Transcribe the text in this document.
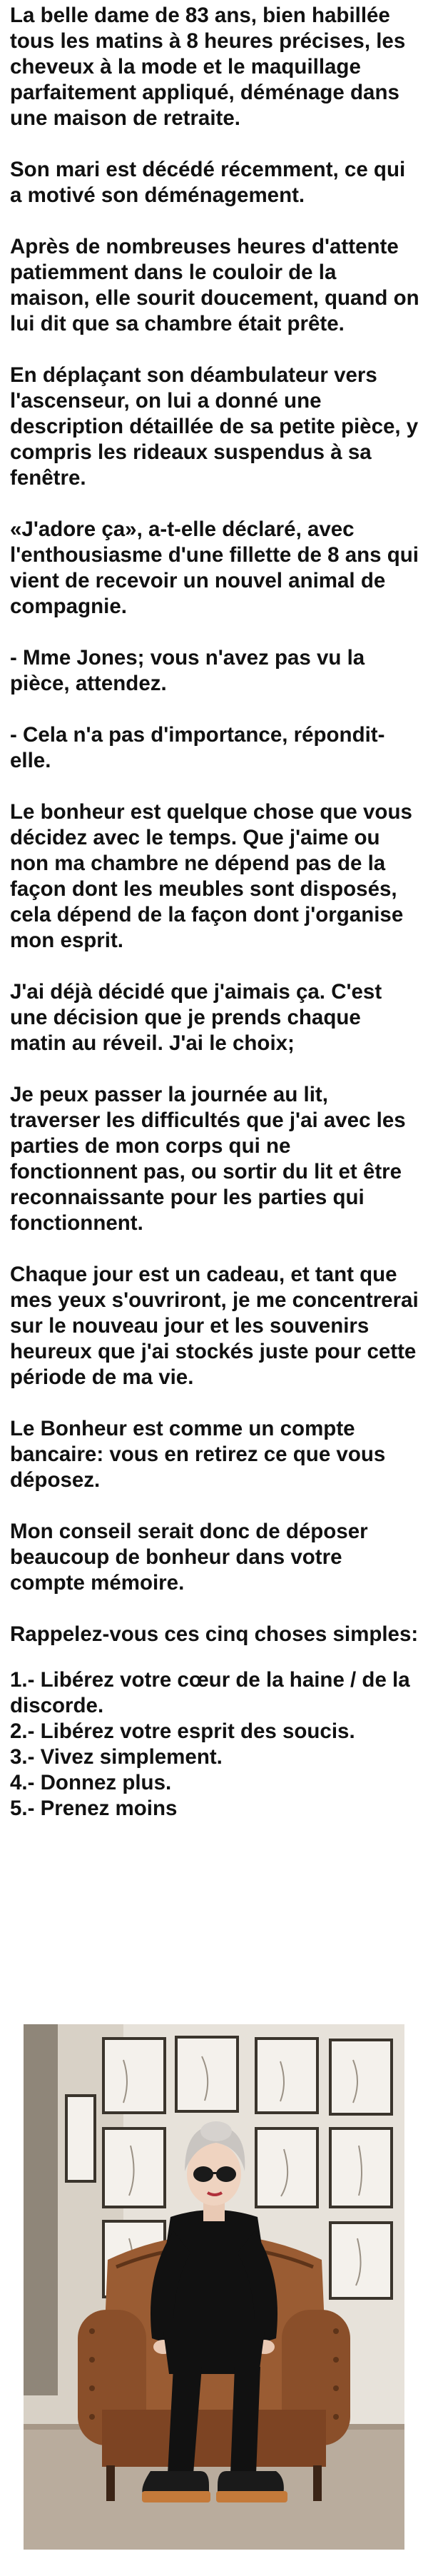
La belle dame de 83 ans, bien habillée tous les matins à 8 heures précises, les cheveux à la mode et le maquillage parfaitement appliqué, déménage dans une maison de retraite.

Son mari est décédé récemment, ce qui a motivé son déménagement.

Après de nombreuses heures d'attente patiemment dans le couloir de la maison, elle sourit doucement, quand on lui dit que sa chambre était prête.

En déplaçant son déambulateur vers l'ascenseur, on lui a donné une description détaillée de sa petite pièce, y compris les rideaux suspendus à sa fenêtre.

«J'adore ça», a-t-elle déclaré, avec l'enthousiasme d'une fillette de 8 ans qui vient de recevoir un nouvel animal de compagnie.

- Mme Jones; vous n'avez pas vu la pièce, attendez.

- Cela n'a pas d'importance, répondit-elle.

Le bonheur est quelque chose que vous décidez avec le temps. Que j'aime ou non ma chambre ne dépend pas de la façon dont les meubles sont disposés, cela dépend de la façon dont j'organise mon esprit.

J'ai déjà décidé que j'aimais ça. C'est une décision que je prends chaque matin au réveil. J'ai le choix;

Je peux passer la journée au lit, traverser les difficultés que j'ai avec les parties de mon corps qui ne fonctionnent pas, ou sortir du lit et être reconnaissante pour les parties qui fonctionnent.

Chaque jour est un cadeau, et tant que mes yeux s'ouvriront, je me concentrerai sur le nouveau jour et les souvenirs heureux que j'ai stockés juste pour cette période de ma vie.

Le Bonheur est comme un compte bancaire: vous en retirez ce que vous déposez.

Mon conseil serait donc de déposer beaucoup de bonheur dans votre compte mémoire.

Rappelez-vous ces cinq choses simples:

1.- Libérez votre cœur de la haine / de la discorde.
2.- Libérez votre esprit des soucis.
3.- Vivez simplement.
4.- Donnez plus.
5.- Prenez moins
